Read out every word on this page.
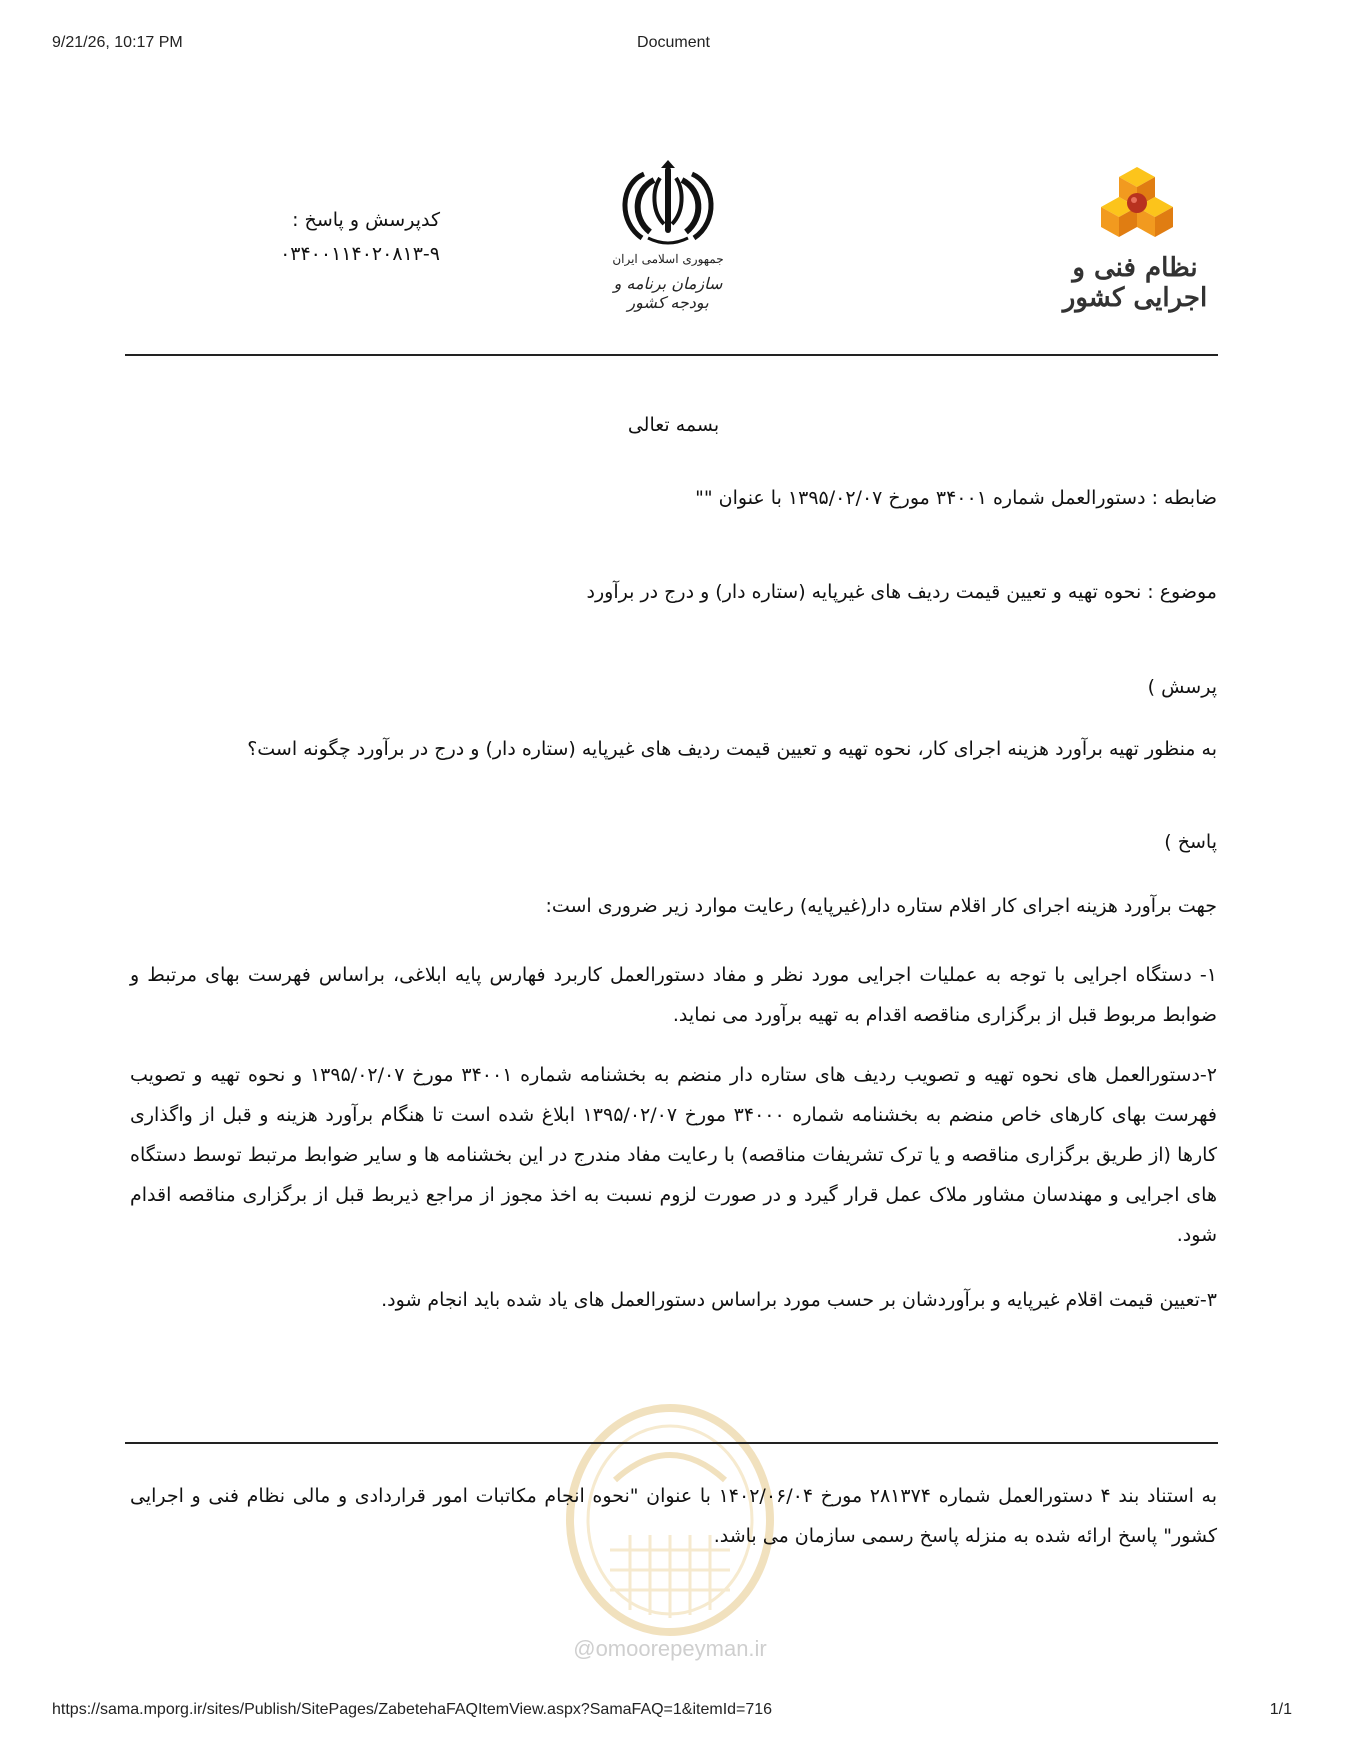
9/21/26, 10:17 PM	Document
نظام فنی و اجرایی کشور
جمهوری اسلامی ایران
سازمان برنامه و بودجه کشور
کدپرسش و پاسخ :
۰۳۴۰۰۱۱۴۰۲۰۸۱۳-۹
بسمه تعالی
ضابطه : دستورالعمل شماره ۳۴۰۰۱ مورخ ۱۳۹۵/۰۲/۰۷ با عنوان ""
موضوع : نحوه تهیه و تعیین قیمت ردیف های غیرپایه (ستاره دار) و درج در برآورد
پرسش )
به منظور تهیه برآورد هزینه اجرای کار، نحوه تهیه و تعیین قیمت ردیف های غیرپایه (ستاره دار) و درج در برآورد چگونه است؟
پاسخ )
جهت برآورد هزینه اجرای کار اقلام ستاره دار(غیرپایه) رعایت موارد زیر ضروری است:
۱- دستگاه اجرایی با توجه به عملیات اجرایی مورد نظر و مفاد دستورالعمل کاربرد فهارس پایه ابلاغی، براساس فهرست بهای مرتبط و ضوابط مربوط قبل از برگزاری مناقصه اقدام به تهیه برآورد می نماید.
۲-دستورالعمل های نحوه تهیه و تصویب ردیف های ستاره دار منضم به بخشنامه شماره ۳۴۰۰۱ مورخ ۱۳۹۵/۰۲/۰۷ و نحوه تهیه و تصویب فهرست بهای کارهای خاص منضم به بخشنامه شماره ۳۴۰۰۰ مورخ ۱۳۹۵/۰۲/۰۷ ابلاغ شده است تا هنگام برآورد هزینه و قبل از واگذاری کارها (از طریق برگزاری مناقصه و یا ترک تشریفات مناقصه) با رعایت مفاد مندرج در این بخشنامه ها و سایر ضوابط مرتبط توسط دستگاه های اجرایی و مهندسان مشاور ملاک عمل قرار گیرد و در صورت لزوم نسبت به اخذ مجوز از مراجع ذیربط قبل از برگزاری مناقصه اقدام شود.
۳-تعیین قیمت اقلام غیرپایه و برآوردشان بر حسب مورد براساس دستورالعمل های یاد شده باید انجام شود.
@omoorepeyman.ir
به استناد بند ۴ دستورالعمل شماره ۲۸۱۳۷۴ مورخ ۱۴۰۲/۰۶/۰۴ با عنوان "نحوه انجام مکاتبات امور قراردادی و مالی نظام فنی و اجرایی کشور" پاسخ ارائه شده به منزله پاسخ رسمی سازمان می باشد.
https://sama.mporg.ir/sites/Publish/SitePages/ZabetehaFAQItemView.aspx?SamaFAQ=1&itemId=716	1/1
